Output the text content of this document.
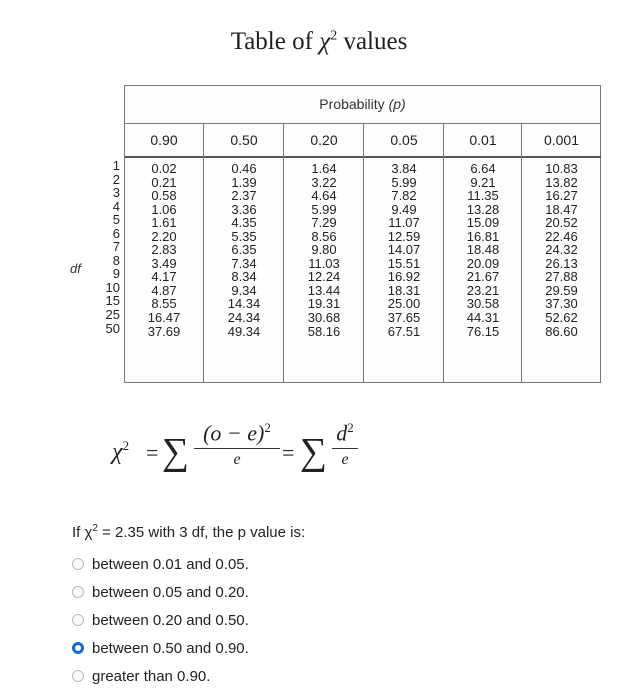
Table of $\chi^2$ values
df
1
2
3
4
5
6
7
8
9
10
15
25
50
Probability (p)
0.90
0.02
0.21
0.58
1.06
1.61
2.20
2.83
3.49
4.17
4.87
8.55
16.47
37.69
0.50
0.46
1.39
2.37
3.36
4.35
5.35
6.35
7.34
8.34
9.34
14.34
24.34
49.34
0.20
1.64
3.22
4.64
5.99
7.29
8.56
9.80
11.03
12.24
13.44
19.31
30.68
58.16
0.05
3.84
5.99
7.82
9.49
11.07
12.59
14.07
15.51
16.92
18.31
25.00
37.65
67.51
0.01
6.64
9.21
11.35
13.28
15.09
16.81
18.48
20.09
21.67
23.21
30.58
44.31
76.15
0.001
10.83
13.82
16.27
18.47
20.52
22.46
24.32
26.13
27.88
29.59
37.30
52.62
86.60
$\chi^2$ = ∑ $(o - e)^2$
e	= ∑ $d^2$
e
If $\chi^2 = 2.35$ with 3 df, the p value is:
between 0.01 and 0.05.
between 0.05 and 0.20.
between 0.20 and 0.50.
between 0.50 and 0.90.
greater than 0.90.
